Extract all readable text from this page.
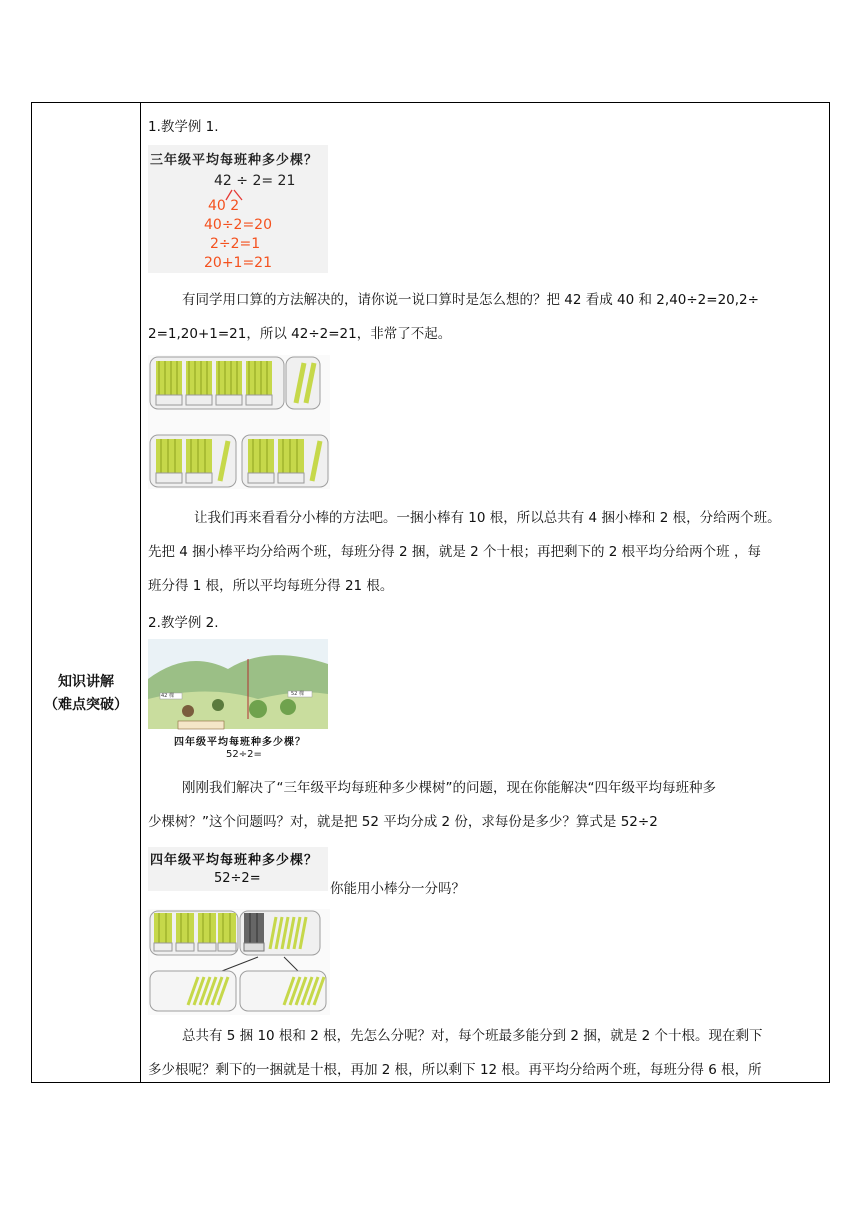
知识讲解
（难点突破）
1.教学例 1.
三年级平均每班种多少棵？
42 ÷ 2= 21
40 2
40÷2=20
2÷2=1
20+1=21
有同学用口算的方法解决的，请你说一说口算时是怎么想的？把 42 看成 40 和 2,40÷2=20,2÷
2=1,20+1=21，所以 42÷2=21，非常了不起。
让我们再来看看分小棒的方法吧。一捆小棒有 10 根，所以总共有 4 捆小棒和 2 根，分给两个班。
先把 4 捆小棒平均分给两个班，每班分得 2 捆，就是 2 个十根；再把剩下的 2 根平均分给两个班 ，每
班分得 1 根，所以平均每班分得 21 根。
2.教学例 2.
42 棵	52 棵
四年级平均每班种多少棵？
52÷2=
刚刚我们解决了“三年级平均每班种多少棵树”的问题，现在你能解决“四年级平均每班种多
少棵树？”这个问题吗？对，就是把 52 平均分成 2 份，求每份是多少？算式是 52÷2
四年级平均每班种多少棵？
52÷2=
你能用小棒分一分吗？
总共有 5 捆 10 根和 2 根，先怎么分呢？对，每个班最多能分到 2 捆，就是 2 个十根。现在剩下
多少根呢？剩下的一捆就是十根，再加 2 根，所以剩下 12 根。再平均分给两个班，每班分得 6 根，所
